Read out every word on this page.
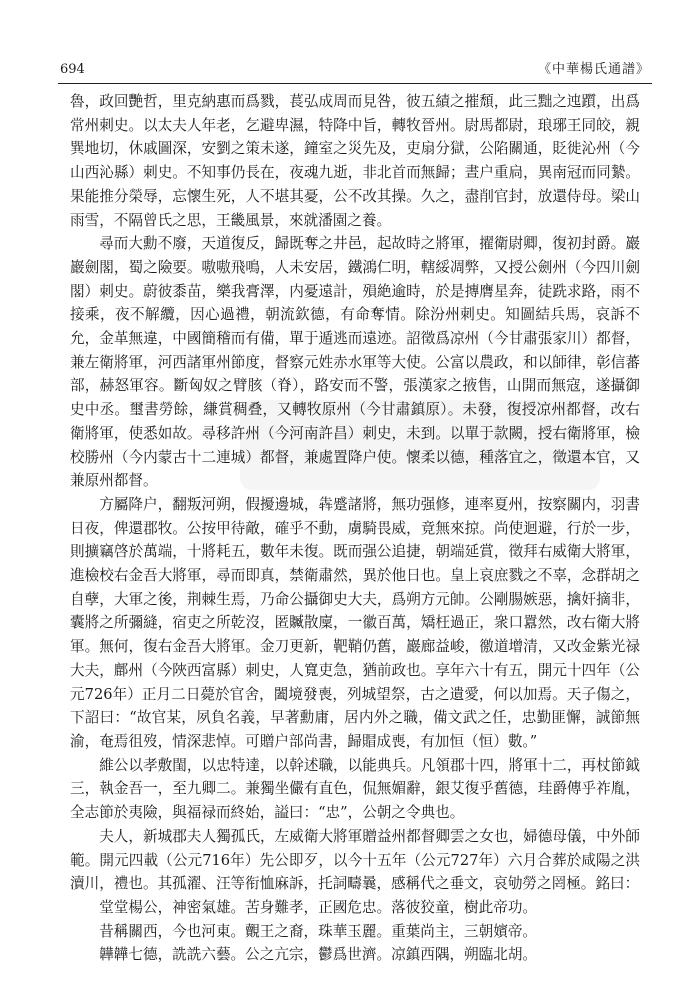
694	《中華楊氏通譜》

魯，政回艷哲，里克納惠而爲戮，萇弘成周而見咎，彼五績之摧頹，此三黜之迍躓，出爲常州刺史。以太夫人年老，乞避卑濕，特降中旨，轉牧晉州。尉馬都尉，琅琊王同皎，親巽地切，休戚圖深，安劉之策未遂，鐘室之災先及，吏扇分獄，公陷關通，貶徙沁州（今山西沁縣）刺史。不知事仍長在，夜魂九逝，非北首而無歸；晝户重扃，異南冠而同縶。果能推分榮辱，忘懷生死，人不堪其憂，公不改其操。久之，盡削官封，放還侍母。梁山雨雪，不隔曾氏之思，王畿風景，來就潘園之養。

尋而大勳不廢，天道復反，歸既奪之井邑，起故時之將軍，擢衛尉卿，復初封爵。巖巖劍閣，蜀之險要。嗷嗷飛鳴，人未安居，鐵鴻仁明，轄綏凋弊，又授公劍州（今四川劍閣）刺史。蔚彼黍苗，樂我膏澤，内憂遠計，殞絶逾時，於是摶膺星奔，徒跣求路，雨不接乘，夜不解纜，因心過禮，朝流欽德，有命奪情。除汾州刺史。知圖結兵馬，哀訴不允，金革無違，中國簡稽而有備，單于遁逃而遠迹。詔徵爲凉州（今甘肅張家川）都督，兼左衛將軍，河西諸軍州節度，督察元姓赤水軍等大使。公富以農政，和以師律，彰信蕃部，赫怒軍容。斷匈奴之臂胲（脊），路安而不警，張漢家之掖售，山開而無寇，遂攝御史中丞。璽書勞餘，縑賞稠叠，又轉牧原州（今甘肅鎮原）。未發，復授凉州都督，改右衛將軍，使悉如故。尋移許州（今河南許昌）刺史，未到。以單于款闕，授右衛將軍，檢校勝州（今内蒙古十二連城）都督，兼處置降户使。懷柔以德，種落宜之，徵還本官，又兼原州都督。

方屬降户，翻叛河朔，假擾邊城，犇蹙諸將，無功强修，連率夏州，按察關内，羽書日夜，俾還郡牧。公按甲待敵，確乎不動，虜騎畏威，竟無來掠。尚使迴避，行於一步，則擴竊啓於萬端，十將耗五，數年未復。既而强公追捷，朝端延賞，徵拜右威衛大將軍，進檢校右金吾大將軍，尋而即真，禁衛肅然，異於他日也。皇上哀庶戮之不辜，念群胡之自孽，大軍之後，荆棘生焉，乃命公攝御史大夫，爲朔方元帥。公剛腸嫉惡，擒奸摘非，囊將之所彌縫，宿吏之所乾沒，匿贓散廩，一徽百萬，矯枉過正，衆口囂然，改右衛大將軍。無何，復右金吾大將軍。金刀更新，靶鞘仍舊，巖廊益峻，徼道增清，又改金紫光禄大夫，鄜州（今陜西富縣）刺史，人寬吏急，猶前政也。享年六十有五，開元十四年（公元726年）正月二日薨於官舍，闔境發喪，列城望祭，古之遺愛，何以加焉。天子傷之，下詔曰：“故官某，夙負名義，早著勳庸，居内外之職，備文武之任，忠勤匪懈，誠節無渝，奄焉徂歿，情深悲悼。可贈户部尚書，歸賵成喪，有加恒（恒）數。”

維公以孝敷閨，以忠特達，以幹述職，以能典兵。凡領郡十四，將軍十二，再杖節鉞三，執金吾一，至九卿二。兼獨坐儼有直色，侃無媚辭，銀艾復乎舊德，珪爵傳乎祚胤，全志節於夷險，與福禄而終始，謚曰：“忠”，公朝之令典也。

夫人，新城郡夫人獨孤氏，左威衛大將軍贈益州都督卿雲之女也，婦德母儀，中外師範。開元四載（公元716年）先公即歹，以今十五年（公元727年）六月合葬於咸陽之洪瀆川，禮也。其孤濯、汪等衔恤麻訴，托詞疇曩，感稱代之垂文，哀劬勞之罔極。銘曰：

堂堂楊公，神密氣雄。苦身難孝，正國危忠。落彼狡童，樹此帝功。

昔稱關西，今也河東。覿王之裔，珠華玉麗。重葉尚主，三朝嬪帝。

韡韡七德，詵詵六藝。公之亢宗，鬱爲世濟。凉鎮西隅，朔臨北胡。
